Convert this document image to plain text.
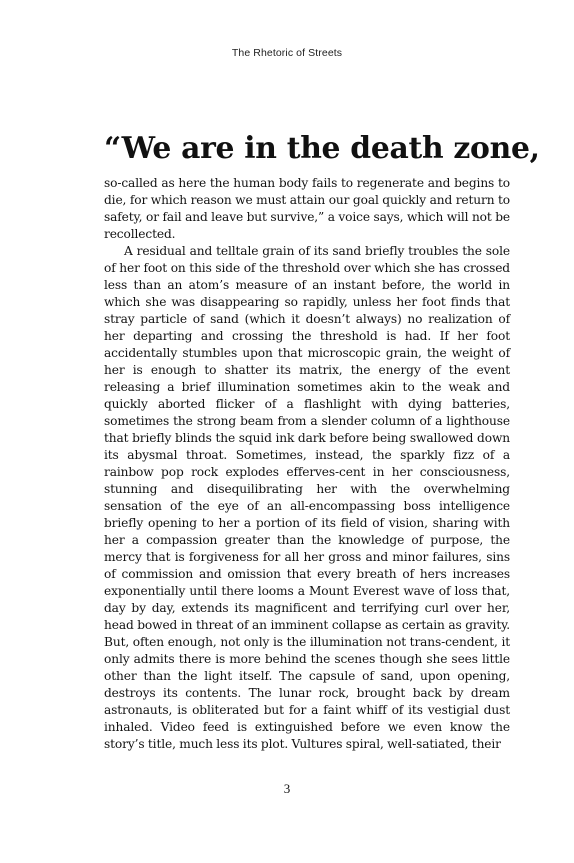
The Rhetoric of Streets
“We are in the death zone,

so-called as here the human body fails to regenerate and begins to die, for which reason we must attain our goal quickly and return to safety, or fail and leave but survive,” a voice says, which will not be recollected.

A residual and telltale grain of its sand briefly troubles the sole of her foot on this side of the threshold over which she has crossed less than an atom’s measure of an instant before, the world in which she was disappearing so rapidly, unless her foot finds that stray particle of sand (which it doesn’t always) no realization of her departing and crossing the threshold is had. If her foot accidentally stumbles upon that microscopic grain, the weight of her is enough to shatter its matrix, the energy of the event releasing a brief illumination sometimes akin to the weak and quickly aborted flicker of a flashlight with dying batteries, sometimes the strong beam from a slender column of a lighthouse that briefly blinds the squid ink dark before being swallowed down its abysmal throat. Sometimes, instead, the sparkly fizz of a rainbow pop rock explodes efferves-cent in her consciousness, stunning and disequilibrating her with the overwhelming sensation of the eye of an all-encompassing boss intelligence briefly opening to her a portion of its field of vision, sharing with her a compassion greater than the knowledge of purpose, the mercy that is forgiveness for all her gross and minor failures, sins of commission and omission that every breath of hers increases exponentially until there looms a Mount Everest wave of loss that, day by day, extends its magnificent and terrifying curl over her, head bowed in threat of an imminent collapse as certain as gravity. But, often enough, not only is the illumination not trans-cendent, it only admits there is more behind the scenes though she sees little other than the light itself. The capsule of sand, upon opening, destroys its contents. The lunar rock, brought back by dream astronauts, is obliterated but for a faint whiff of its vestigial dust inhaled. Video feed is extinguished before we even know the story’s title, much less its plot. Vultures spiral, well-satiated, their

3
